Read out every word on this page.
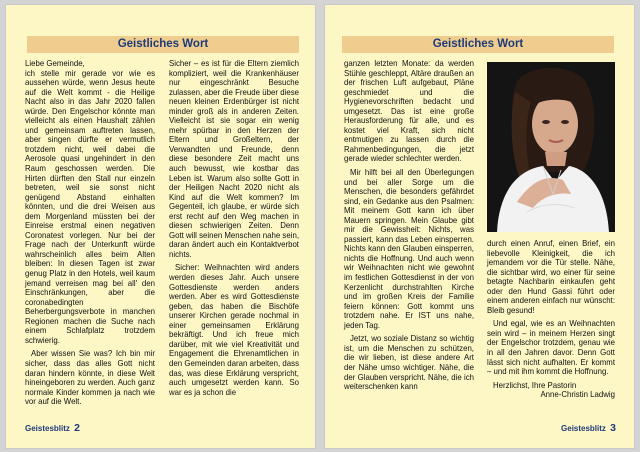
Geistliches Wort

Liebe Gemeinde,

ich stelle mir gerade vor wie es aussehen würde, wenn Jesus heute auf die Welt kommt - die Heilige Nacht also in das Jahr 2020 fallen würde. Den Engelschor könnte man vielleicht als einen Haushalt zählen und gemeinsam auftreten lassen, aber singen dürfte er vermutlich trotzdem nicht, weil dabei die Aerosole quasi ungehindert in den Raum geschossen werden. Die Hirten dürften den Stall nur einzeln betreten, weil sie sonst nicht genügend Abstand einhalten könnten, und die drei Weisen aus dem Morgenland müssten bei der Einreise erstmal einen negativen Coronatest vorlegen. Nur bei der Frage nach der Unterkunft würde wahrscheinlich alles beim Alten bleiben: In diesen Tagen ist zwar genug Platz in den Hotels, weil kaum jemand verreisen mag bei all' den Einschränkungen, aber die coronabedingten Beherbergungsverbote in manchen Regionen machen die Suche nach einem Schlafplatz trotzdem schwierig.

Aber wissen Sie was? Ich bin mir sicher, dass das alles Gott nicht daran hindern könnte, in diese Welt hineingeboren zu werden. Auch ganz normale Kinder kommen ja nach wie vor auf die Welt.

Sicher – es ist für die Eltern ziemlich kompliziert, weil die Krankenhäuser nur eingeschränkt Besuche zulassen, aber die Freude über diese neuen kleinen Erdenbürger ist nicht minder groß als in anderen Zeiten. Vielleicht ist sie sogar ein wenig mehr spürbar in den Herzen der Eltern und Großeltern, der Verwandten und Freunde, denn diese besondere Zeit macht uns auch bewusst, wie kostbar das Leben ist. Warum also sollte Gott in der Heiligen Nacht 2020 nicht als Kind auf die Welt kommen? Im Gegenteil, ich glaube, er würde sich erst recht auf den Weg machen in diesen schwierigen Zeiten. Denn Gott will seinen Menschen nahe sein, daran ändert auch ein Kontaktverbot nichts.

Sicher: Weihnachten wird anders werden dieses Jahr. Auch unsere Gottesdienste werden anders werden. Aber es wird Gottesdienste geben, das haben die Bischöfe unserer Kirchen gerade nochmal in einer gemeinsamen Erklärung bekräftigt. Und ich freue mich darüber, mit wie viel Kreativität und Engagement die Ehrenamtlichen in den Gemeinden daran arbeiten, dass das, was diese Erklärung verspricht, auch umgesetzt werden kann. So war es ja schon die

Geistesblitz 2
Geistliches Wort

ganzen letzten Monate: da werden Stühle geschleppt, Altäre draußen an der frischen Luft aufgebaut, Pläne geschmiedet und die Hygienevorschriften bedacht und umgesetzt. Das ist eine große Herausforderung für alle, und es kostet viel Kraft, sich nicht entmutigen zu lassen durch die Rahmenbedingungen, die jetzt gerade wieder schlechter werden.

Mir hilft bei all den Überlegungen und bei aller Sorge um die Menschen, die besonders gefährdet sind, ein Gedanke aus den Psalmen: Mit meinem Gott kann ich über Mauern springen. Mein Glaube gibt mir die Gewissheit: Nichts, was passiert, kann das Leben einsperren. Nichts kann den Glauben einsperren, nichts die Hoffnung. Und auch wenn wir Weihnachten nicht wie gewohnt im festlichen Gottesdienst in der von Kerzenlicht durchstrahlten Kirche und im großen Kreis der Familie feiern können: Gott kommt uns trotzdem nahe. Er IST uns nahe, jeden Tag.

Jetzt, wo soziale Distanz so wichtig ist, um die Menschen zu schützen, die wir lieben, ist diese andere Art der Nähe umso wichtiger. Nähe, die der Glauben verspricht. Nähe, die ich weiterschenken kann

durch einen Anruf, einen Brief, ein liebevolle Kleinigkeit, die ich jemandem vor die Tür stelle. Nähe, die sichtbar wird, wo einer für seine betagte Nachbarin einkaufen geht oder den Hund Gassi führt oder einem anderen einfach nur wünscht: Bleib gesund!

Und egal, wie es an Weihnachten sein wird – in meinem Herzen singt der Engelschor trotzdem, genau wie in all den Jahren davor. Denn Gott lässt sich nicht aufhalten. Er kommt – und mit ihm kommt die Hoffnung.

Herzlichst, Ihre Pastorin

Anne-Christin Ladwig

Geistesblitz 3
